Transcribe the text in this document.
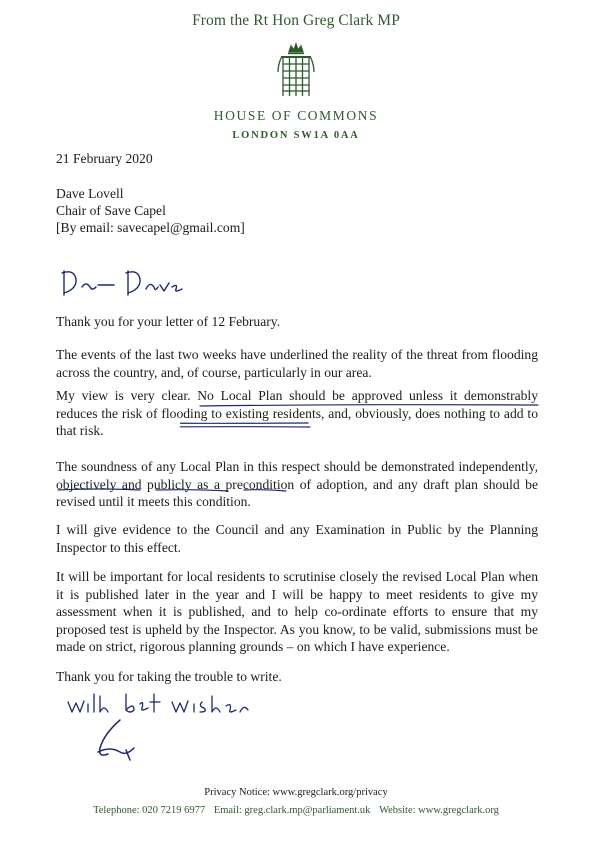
From the Rt Hon Greg Clark MP
HOUSE OF COMMONS
LONDON SW1A 0AA
21 February 2020
Dave Lovell
Chair of Save Capel
[By email: savecapel@gmail.com]
Thank you for your letter of 12 February.
The events of the last two weeks have underlined the reality of the threat from flooding across the country, and, of course, particularly in our area.
My view is very clear. No Local Plan should be approved unless it demonstrably reduces the risk of flooding to existing residents, and, obviously, does nothing to add to that risk.
The soundness of any Local Plan in this respect should be demonstrated independently, objectively and publicly as a precondition of adoption, and any draft plan should be revised until it meets this condition.
I will give evidence to the Council and any Examination in Public by the Planning Inspector to this effect.
It will be important for local residents to scrutinise closely the revised Local Plan when it is published later in the year and I will be happy to meet residents to give my assessment when it is published, and to help co-ordinate efforts to ensure that my proposed test is upheld by the Inspector. As you know, to be valid, submissions must be made on strict, rigorous planning grounds – on which I have experience.
Thank you for taking the trouble to write.
Privacy Notice: www.gregclark.org/privacy
Telephone: 020 7219 6977 Email: greg.clark.mp@parliament.uk Website: www.gregclark.org
